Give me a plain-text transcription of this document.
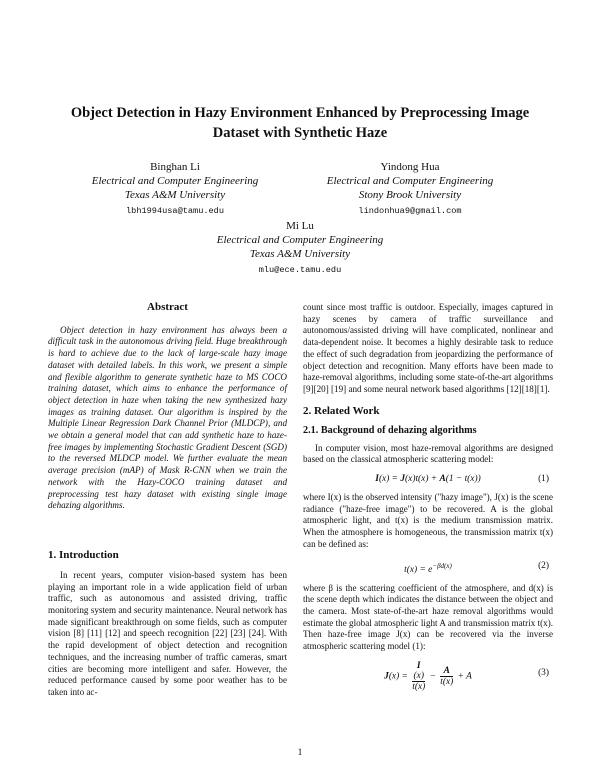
Object Detection in Hazy Environment Enhanced by Preprocessing Image
Dataset with Synthetic Haze
Binghan Li
Electrical and Computer Engineering
Texas A&M University
lbh1994usa@tamu.edu
Yindong Hua
Electrical and Computer Engineering
Stony Brook University
lindonhua9@gmail.com
Mi Lu
Electrical and Computer Engineering
Texas A&M University
mlu@ece.tamu.edu

Abstract

Object detection in hazy environment has always been a difficult task in the autonomous driving field. Huge breakthrough is hard to achieve due to the lack of large-scale hazy image dataset with detailed labels. In this work, we present a simple and flexible algorithm to generate synthetic haze to MS COCO training dataset, which aims to enhance the performance of object detection in haze when taking the new synthesized hazy images as training dataset. Our algorithm is inspired by the Multiple Linear Regression Dark Channel Prior (MLDCP), and we obtain a general model that can add synthetic haze to haze-free images by implementing Stochastic Gradient Descent (SGD) to the reversed MLDCP model. We further evaluate the mean average precision (mAP) of Mask R-CNN when we train the network with the Hazy-COCO training dataset and preprocessing test hazy dataset with existing single image dehazing algorithms.

1. Introduction

In recent years, computer vision-based system has been playing an important role in a wide application field of urban traffic, such as autonomous and assisted driving, traffic monitoring system and security maintenance. Neural network has made significant breakthrough on some fields, such as computer vision [8] [11] [12] and speech recognition [22] [23] [24]. With the rapid development of object detection and recognition techniques, and the increasing number of traffic cameras, smart cities are becoming more intelligent and safer. However, the reduced performance caused by some poor weather has to be taken into ac-

count since most traffic is outdoor. Especially, images captured in hazy scenes by camera of traffic surveillance and autonomous/assisted driving will have complicated, nonlinear and data-dependent noise. It becomes a highly desirable task to reduce the effect of such degradation from jeopardizing the performance of object detection and recognition. Many efforts have been made to haze-removal algorithms, including some state-of-the-art algorithms [9][20] [19] and some neural network based algorithms [12][18][1].

2. Related Work

2.1. Background of dehazing algorithms

In computer vision, most haze-removal algorithms are designed based on the classical atmospheric scattering model:

I(x) = J(x)t(x) + A(1 − t(x))	(1)

where I(x) is the observed intensity ("hazy image"), J(x) is the scene radiance ("haze-free image") to be recovered. A is the global atmospheric light, and t(x) is the medium transmission matrix. When the atmosphere is homogeneous, the transmission matrix t(x) can be defined as:

$t(x) = e^{-\beta d(x)}$	(2)

where β is the scattering coefficient of the atmosphere, and d(x) is the scene depth which indicates the distance between the object and the camera. Most state-of-the-art haze removal algorithms would estimate the global atmospheric light A and transmission matrix t(x). Then haze-free image J(x) can be recovered via the inverse atmospheric scattering model (1):

J(x) = I
(x)
$t(x) - \frac{A}{t(x)} + A$	(3)
1
